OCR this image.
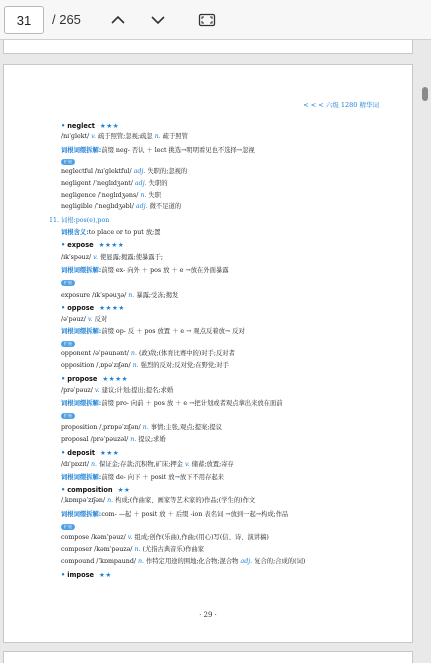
31
/ 265
< < < 六级 1280 精华词
• neglect ★★★
/nɪˈɡlekt/ v. 疏于照管;忽视;疏忽 n. 疏于照管
词根词缀拆解:前缀 neg- 否认 ＋ lect 挑选→明明看见也不选择→忽视
扩展
neglectful /nɪˈɡlektful/ adj. 失职的;忽视的
negligent /ˈneɡlɪdʒənt/ adj. 失职的
negligence /ˈneɡlɪdʒəns/ n. 失职
negligible /ˈneɡlɪdʒəbl/ adj. 微不足道的
11. 词根:pos(e),pon
词根含义:to place or to put 放;置
• expose ★★★★
/ɪkˈspəuz/ v. 使显露;揭露;使暴露于;
词根词缀拆解:前缀 ex- 向外 ＋ pos 放 ＋ e →放在外面暴露
扩展
exposure /ɪkˈspəuʒə/ n. 暴露;受冻;揭发
• oppose ★★★★
/əˈpəuz/ v. 反对
词根词缀拆解:前缀 op- 反 ＋ pos 放置 ＋ e → 观点反着放→ 反对
扩展
opponent /əˈpəunənt/ n. (政)敌;(体育比赛中的)对手;反对者
opposition /ˌɒpəˈzɪʃən/ n. 强烈的反对;反对党;在野党;对手
• propose ★★★★
/prəˈpəuz/ v. 建议;计划;提出;提名;求婚
词根词缀拆解:前缀 pro- 向前 ＋ pos 放 ＋ e →把计划或者观点拿出来放在面前
扩展
proposition /ˌprɒpəˈzɪʃən/ n. 事情;主张,观点;提案;提议
proposal /prəˈpəuzəl/ n. 提议;求婚
• deposit ★★★
/dɪˈpɒzɪt/ n. 保证金;存款;沉积物,矿床;押金 v. 储蓄;放置;寄存
词根词缀拆解:前缀 de- 向下 ＋ posit 放→放下不用存起来
• composition ★★
/ˌkɒmpəˈzɪʃən/ n. 构成;(作曲家、画家等艺术家的)作品;(学生的)作文
词根词缀拆解:com- —起 ＋ posit 放 ＋ 后缀 -ion 表名词 →放到一起→构成;作品
扩展
compose /kəmˈpəuz/ v. 组成;创作(乐曲),作曲;(用心)写(信、诗、演讲稿)
composer /kəmˈpəuzə/ n. (尤指古典音乐)作曲家
compound /ˈkɒmpaund/ n. 作特定用途的围地;化合物;混合物 adj. 复合的;合成的(词)
• impose ★★
· 29 ·
